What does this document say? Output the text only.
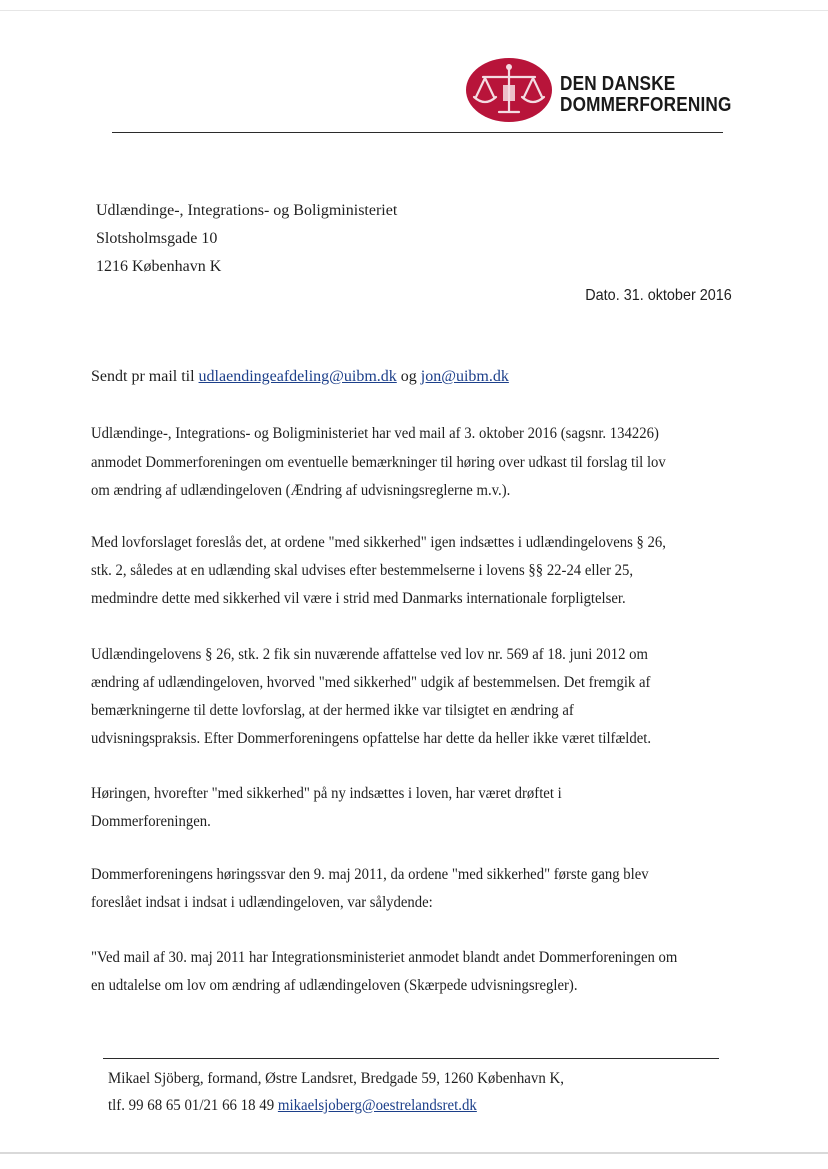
DEN DANSKE
DOMMERFORENING
Udlændinge-, Integrations- og Boligministeriet
Slotsholmsgade 10
1216 København K
Dato. 31. oktober 2016
Sendt pr mail til udlaendingeafdeling@uibm.dk og jon@uibm.dk
Udlændinge-, Integrations- og Boligministeriet har ved mail af 3. oktober 2016 (sagsnr. 134226)
anmodet Dommerforeningen om eventuelle bemærkninger til høring over udkast til forslag til lov
om ændring af udlændingeloven (Ændring af udvisningsreglerne m.v.).
Med lovforslaget foreslås det, at ordene "med sikkerhed" igen indsættes i udlændingelovens § 26,
stk. 2, således at en udlænding skal udvises efter bestemmelserne i lovens §§ 22-24 eller 25,
medmindre dette med sikkerhed vil være i strid med Danmarks internationale forpligtelser.
Udlændingelovens § 26, stk. 2 fik sin nuværende affattelse ved lov nr. 569 af 18. juni 2012 om
ændring af udlændingeloven, hvorved "med sikkerhed" udgik af bestemmelsen. Det fremgik af
bemærkningerne til dette lovforslag, at der hermed ikke var tilsigtet en ændring af
udvisningspraksis. Efter Dommerforeningens opfattelse har dette da heller ikke været tilfældet.
Høringen, hvorefter "med sikkerhed" på ny indsættes i loven, har været drøftet i
Dommerforeningen.
Dommerforeningens høringssvar den 9. maj 2011, da ordene "med sikkerhed" første gang blev
foreslået indsat i indsat i udlændingeloven, var sålydende:
"Ved mail af 30. maj 2011 har Integrationsministeriet anmodet blandt andet Dommerforeningen om
en udtalelse om lov om ændring af udlændingeloven (Skærpede udvisningsregler).
Mikael Sjöberg, formand, Østre Landsret, Bredgade 59, 1260 København K,
tlf. 99 68 65 01/21 66 18 49 mikaelsjoberg@oestrelandsret.dk
